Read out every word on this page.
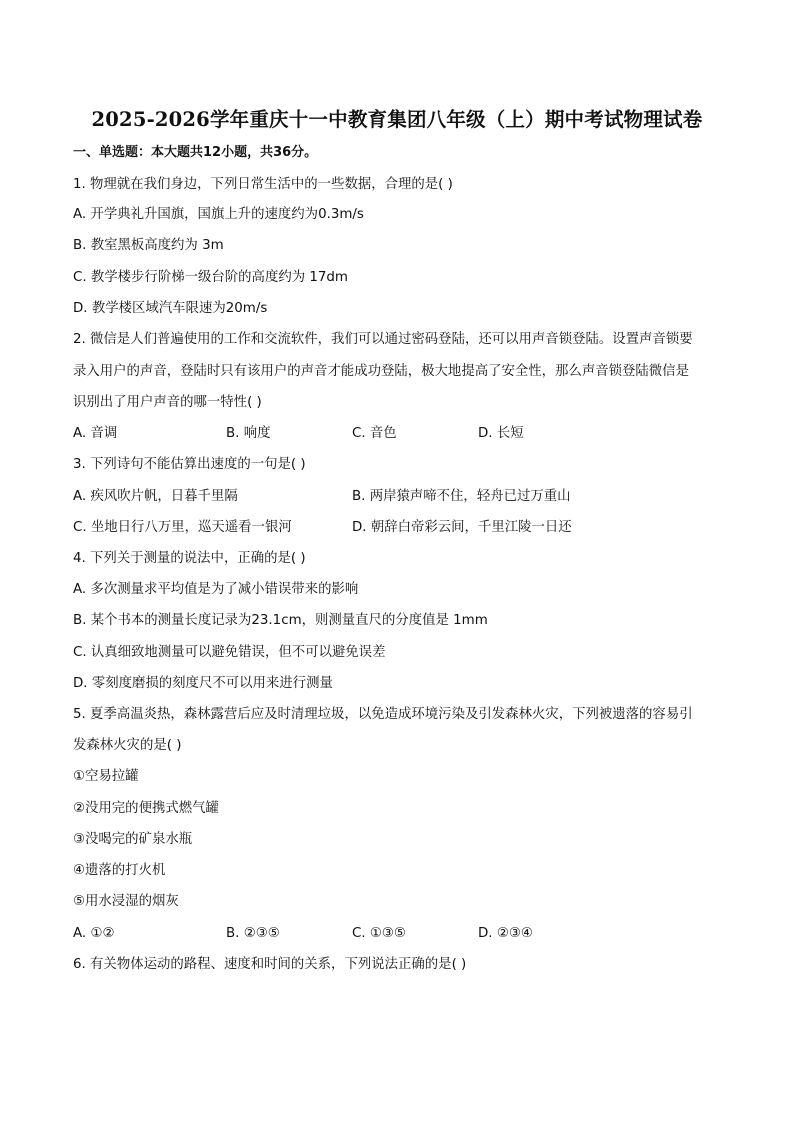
2025-2026学年重庆十一中教育集团八年级（上）期中考试物理试卷
一、单选题：本大题共12小题，共36分。
1. 物理就在我们身边，下列日常生活中的一些数据，合理的是( )
A. 开学典礼升国旗，国旗上升的速度约为0.3m/s
B. 教室黑板高度约为 3m
C. 教学楼步行阶梯一级台阶的高度约为 17dm
D. 教学楼区域汽车限速为20m/s
2. 微信是人们普遍使用的工作和交流软件，我们可以通过密码登陆，还可以用声音锁登陆。设置声音锁要
录入用户的声音，登陆时只有该用户的声音才能成功登陆，极大地提高了安全性，那么声音锁登陆微信是
识别出了用户声音的哪一特性( )
A. 音调	B. 响度	C. 音色	D. 长短
3. 下列诗句不能估算出速度的一句是( )
A. 疾风吹片帆，日暮千里隔	B. 两岸猿声啼不住，轻舟已过万重山
C. 坐地日行八万里，巡天遥看一银河	D. 朝辞白帝彩云间，千里江陵一日还
4. 下列关于测量的说法中，正确的是( )
A. 多次测量求平均值是为了减小错误带来的影响
B. 某个书本的测量长度记录为23.1cm，则测量直尺的分度值是 1mm
C. 认真细致地测量可以避免错误，但不可以避免误差
D. 零刻度磨损的刻度尺不可以用来进行测量
5. 夏季高温炎热，森林露营后应及时清理垃圾，以免造成环境污染及引发森林火灾，下列被遗落的容易引
发森林火灾的是( )
①空易拉罐
②没用完的便携式燃气罐
③没喝完的矿泉水瓶
④遗落的打火机
⑤用水浸湿的烟灰
A. ①②	B. ②③⑤	C. ①③⑤	D. ②③④
6. 有关物体运动的路程、速度和时间的关系，下列说法正确的是( )
